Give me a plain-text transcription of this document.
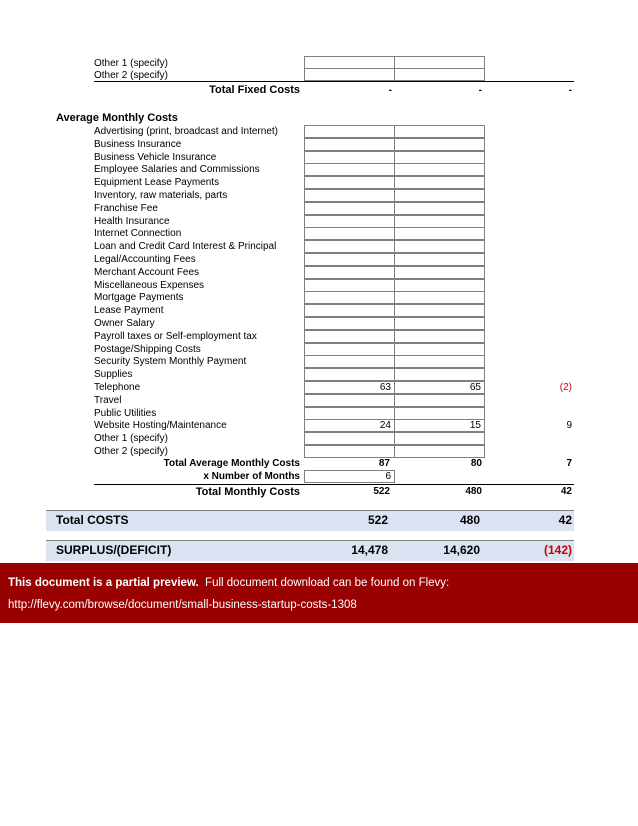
Other 1 (specify)
Other 2 (specify)
Total Fixed Costs	-	-	-
Average Monthly Costs
Advertising (print, broadcast and Internet)
Business Insurance
Business Vehicle Insurance
Employee Salaries and Commissions
Equipment Lease Payments
Inventory, raw materials, parts
Franchise Fee
Health Insurance
Internet Connection
Loan and Credit Card Interest & Principal
Legal/Accounting Fees
Merchant Account Fees
Miscellaneous Expenses
Mortgage Payments
Lease Payment
Owner Salary
Payroll taxes or Self-employment tax
Postage/Shipping Costs
Security System Monthly Payment
Supplies
Telephone	63	65	(2)
Travel
Public Utilities
Website Hosting/Maintenance	24	15	9
Other 1 (specify)
Other 2 (specify)
Total Average Monthly Costs	87	80	7
x Number of Months	6
Total Monthly Costs	522	480	42
Total COSTS	522	480	42
SURPLUS/(DEFICIT)	14,478	14,620	(142)
This document is a partial preview. Full document download can be found on Flevy:
http://flevy.com/browse/document/small-business-startup-costs-1308
